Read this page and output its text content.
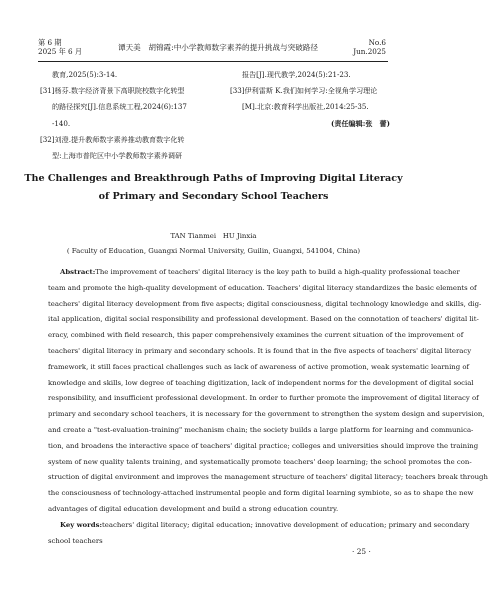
第 6 期
2025 年 6 月	谭天美　胡锦霞:中小学教师数字素养的提升挑战与突破路径
No.6
Jun.2025
教育,2025(5):3-14.
[31]杨芬.数字经济背景下高职院校数字化转型
的路径探究[J].信息系统工程,2024(6):137
-140.
[32]刘澄.提升教师数字素养推动教育数字化转
型:上海市普陀区中小学教师数字素养调研
报告[J].现代教学,2024(5):21-23.
[33]伊利雷斯 K.我们如何学习:全视角学习理论
[M].北京:教育科学出版社,2014:25-35.
(责任编辑:张　蕾)
The Challenges and Breakthrough Paths of Improving Digital Literacy
of Primary and Secondary School Teachers
TAN Tianmei　HU Jinxia
( Faculty of Education, Guangxi Normal University, Guilin, Guangxi, 541004, China)
Abstract:The improvement of teachers' digital literacy is the key path to build a high-quality professional teacher
team and promote the high-quality development of education. Teachers' digital literacy standardizes the basic elements of
teachers' digital literacy development from five aspects; digital consciousness, digital technology knowledge and skills, dig-
ital application, digital social responsibility and professional development. Based on the connotation of teachers' digital lit-
eracy, combined with field research, this paper comprehensively examines the current situation of the improvement of
teachers' digital literacy in primary and secondary schools. It is found that in the five aspects of teachers' digital literacy
framework, it still faces practical challenges such as lack of awareness of active promotion, weak systematic learning of
knowledge and skills, low degree of teaching digitization, lack of independent norms for the development of digital social
responsibility, and insufficient professional development. In order to further promote the improvement of digital literacy of
primary and secondary school teachers, it is necessary for the government to strengthen the system design and supervision,
and create a "test-evaluation-training" mechanism chain; the society builds a large platform for learning and communica-
tion, and broadens the interactive space of teachers' digital practice; colleges and universities should improve the training
system of new quality talents training, and systematically promote teachers' deep learning; the school promotes the con-
struction of digital environment and improves the management structure of teachers' digital literacy; teachers break through
the consciousness of technology-attached instrumental people and form digital learning symbiote, so as to shape the new
advantages of digital education development and build a strong education country.
Key words:teachers' digital literacy; digital education; innovative development of education; primary and secondary
school teachers
· 25 ·
